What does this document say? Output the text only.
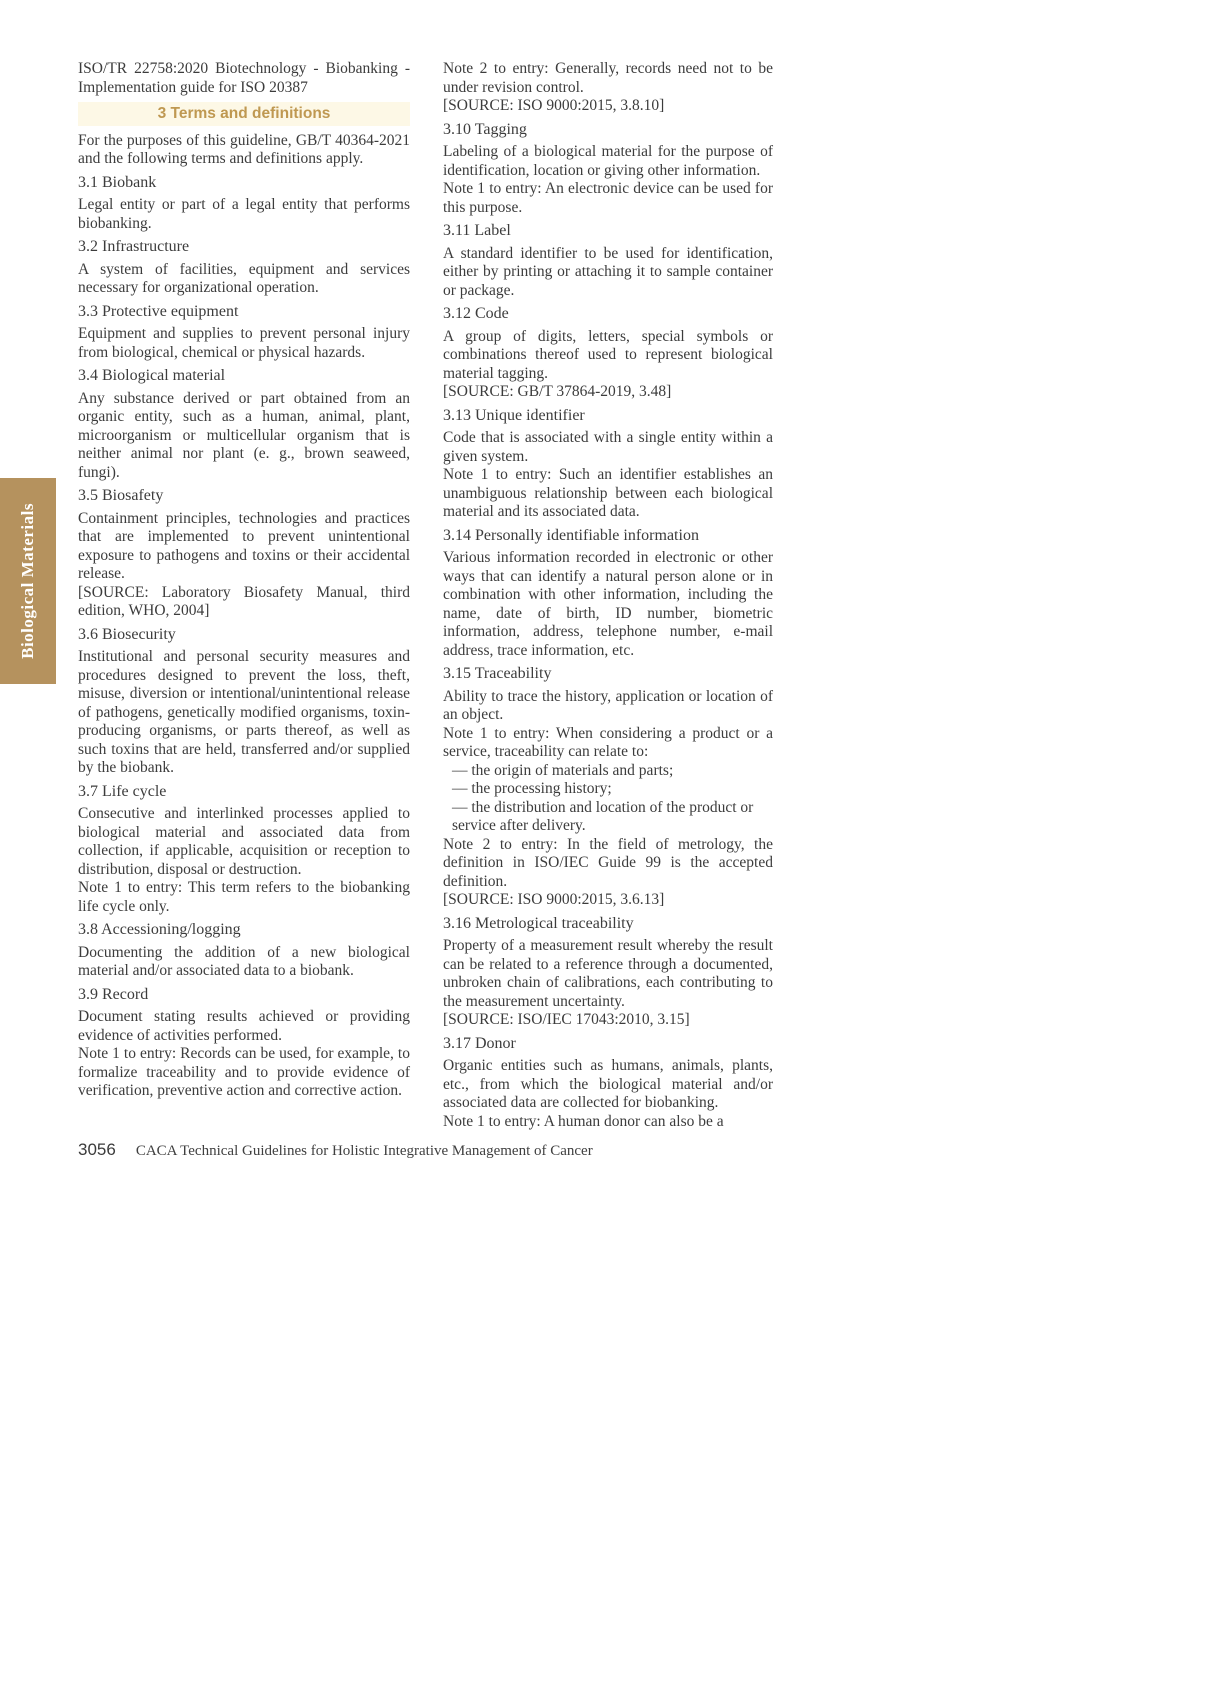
Biological Materials

ISO/TR 22758:2020 Biotechnology - Biobanking - Implementation guide for ISO 20387

3 Terms and definitions

For the purposes of this guideline, GB/T 40364-2021 and the following terms and definitions apply.

3.1 Biobank

Legal entity or part of a legal entity that performs biobanking.

3.2 Infrastructure

A system of facilities, equipment and services necessary for organizational operation.

3.3 Protective equipment

Equipment and supplies to prevent personal injury from biological, chemical or physical hazards.

3.4 Biological material

Any substance derived or part obtained from an organic entity, such as a human, animal, plant, microorganism or multicellular organism that is neither animal nor plant (e. g., brown seaweed, fungi).

3.5 Biosafety

Containment principles, technologies and practices that are implemented to prevent unintentional exposure to pathogens and toxins or their accidental release.

[SOURCE: Laboratory Biosafety Manual, third edition, WHO, 2004]

3.6 Biosecurity

Institutional and personal security measures and procedures designed to prevent the loss, theft, misuse, diversion or intentional/unintentional release of pathogens, genetically modified organisms, toxin-producing organisms, or parts thereof, as well as such toxins that are held, transferred and/or supplied by the biobank.

3.7 Life cycle

Consecutive and interlinked processes applied to biological material and associated data from collection, if applicable, acquisition or reception to distribution, disposal or destruction.

Note 1 to entry: This term refers to the biobanking life cycle only.

3.8 Accessioning/logging

Documenting the addition of a new biological material and/or associated data to a biobank.

3.9 Record

Document stating results achieved or providing evidence of activities performed.

Note 1 to entry: Records can be used, for example, to formalize traceability and to provide evidence of verification, preventive action and corrective action.

Note 2 to entry: Generally, records need not to be under revision control.

[SOURCE: ISO 9000:2015, 3.8.10]

3.10 Tagging

Labeling of a biological material for the purpose of identification, location or giving other information.

Note 1 to entry: An electronic device can be used for this purpose.

3.11 Label

A standard identifier to be used for identification, either by printing or attaching it to sample container or package.

3.12 Code

A group of digits, letters, special symbols or combinations thereof used to represent biological material tagging.

[SOURCE: GB/T 37864-2019, 3.48]

3.13 Unique identifier

Code that is associated with a single entity within a given system.

Note 1 to entry: Such an identifier establishes an unambiguous relationship between each biological material and its associated data.

3.14 Personally identifiable information

Various information recorded in electronic or other ways that can identify a natural person alone or in combination with other information, including the name, date of birth, ID number, biometric information, address, telephone number, e-mail address, trace information, etc.

3.15 Traceability

Ability to trace the history, application or location of an object.

Note 1 to entry: When considering a product or a service, traceability can relate to:

— the origin of materials and parts;

— the processing history;

— the distribution and location of the product or service after delivery.

Note 2 to entry: In the field of metrology, the definition in ISO/IEC Guide 99 is the accepted definition.

[SOURCE: ISO 9000:2015, 3.6.13]

3.16 Metrological traceability

Property of a measurement result whereby the result can be related to a reference through a documented, unbroken chain of calibrations, each contributing to the measurement uncertainty.

[SOURCE: ISO/IEC 17043:2010, 3.15]

3.17 Donor

Organic entities such as humans, animals, plants, etc., from which the biological material and/or associated data are collected for biobanking.

Note 1 to entry: A human donor can also be a

3056 CACA Technical Guidelines for Holistic Integrative Management of Cancer
